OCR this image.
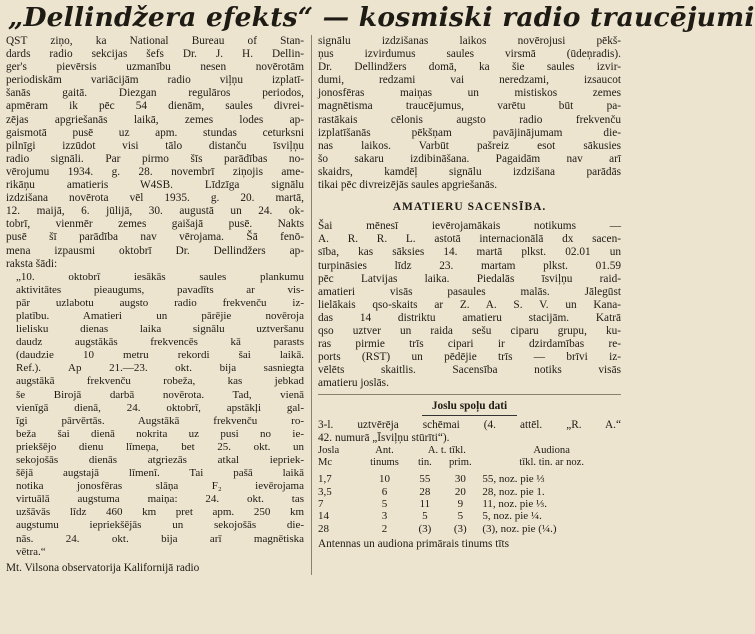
„Dellindžera efekts“ — kosmiski radio traucējumi
QST ziņo, ka National Bureau of Stan-
dards radio sekcijas šefs Dr. J. H. Dellin-
ger's pievērsis uzmanību nesen novērotām
periodiskām variācijām radio viļņu izplatī-
šanās gaitā. Diezgan regulāros periodos,
apmēram ik pēc 54 dienām, saules divrei-
zējas apgriešanās laikā, zemes lodes ap-
gaismotā pusē uz apm. stundas ceturksni
pilnīgi izzūdot visi tālo distanču īsviļņu
radio signāli. Par pirmo šīs parādības no-
vērojumu 1934. g. 28. novembrī ziņojis ame-
rikāņu amatieris W4SB. Līdzīga signālu
izdzišana novērota vēl 1935. g. 20. martā,
12. maijā, 6. jūlijā, 30. augustā un 24. ok-
tobrī, vienmēr zemes gaišajā pusē. Nakts
pusē šī parādība nav vērojama. Šā fenō-
mena izpausmi oktobrī Dr. Dellindžers ap-
raksta šādi:
„10. oktobrī iesākās saules plankumu
aktivitātes pieaugums, pavadīts ar vis-
pār uzlabotu augsto radio frekvenču iz-
platību. Amatieri un pārējie novēroja
lielisku dienas laika signālu uztveršanu
daudz augstākās frekvencēs kā parasts
(daudzie 10 metru rekordi šai laikā.
Ref.). Ap 21.—23. okt. bija sasniegta
augstākā frekvenču robeža, kas jebkad
še Birojā darbā novērota. Tad, vienā
vienīgā dienā, 24. oktobrī, apstākļi gal-
īgi pārvērtās. Augstākā frekvenču ro-
beža šai dienā nokrita uz pusi no ie-
priekšējo dienu līmeņa, bet 25. okt. un
sekojošās dienās atgriezās atkal iepriek-
šējā augstajā līmenī. Tai pašā laikā
notika jonosfēras slāņa F₂ ievērojama
virtuālā augstuma maiņa: 24. okt. tas
uzšāvās līdz 460 km pret apm. 250 km
augstumu iepriekšējās un sekojošās die-
nās. 24. okt. bija arī magnētiska
vētra.“
Mt. Vilsona observatorija Kalifornijā radio
signālu izdzišanas laikos novērojusi pēkš-
ņus izvirdumus saules virsmā (ūdeņradis).
Dr. Dellindžers domā, ka šie saules izvir-
dumi, redzami vai neredzami, izsaucot
jonosfēras maiņas un mistiskos zemes
magnētisma traucējumus, varētu būt pa-
rastākais cēlonis augsto radio frekvenču
izplatīšanās pēkšņam pavājinājumam die-
nas laikos. Varbūt pašreiz esot sākusies
šo sakaru izdibināšana. Pagaidām nav arī
skaidrs, kamdēļ signālu izdzišana parādās
tikai pēc divreizējās saules apgriešanās.
AMATIERU SACENSĪBA.
Šai mēnesī ievērojamākais notikums —
A. R. R. L. astotā internacionālā dx sacen-
sība, kas sāksies 14. martā plkst. 02.01 un
turpināsies līdz 23. martam plkst. 01.59
pēc Latvijas laika. Piedalās īsviļņu raid-
amatieri visās pasaules malās. Jālegūst
lielākais qso-skaits ar Z. A. S. V. un Kana-
das 14 distriktu amatieru stacijām. Katrā
qso uztver un raida sešu ciparu grupu, ku-
ras pirmie trīs cipari ir dzirdamības re-
ports (RST) un pēdējie trīs — brīvi iz-
vēlēts skaitlis. Sacensība notiks visās
amatieru joslās.
Joslu spoļu dati
3-l. uztvērēja schēmai (4. attēl. „R. A.“
42. numurā „Īsviļņu stūrīti“).
Josla	Ant.	A. t. tīkl.		Audiona
Mc	tinums	tin.	prim.	tīkl. tin. ar noz.

1,7	10	55	30	55, noz. pie ⅓
3,5	6	28	20	28, noz. pie 1.
7	5	11	9	11, noz. pie ⅓.
14	3	5	5	5, noz. pie ¼.
28	2	(3)	(3)	(3), noz. pie (¼.)
Antennas un audiona primārais tinums tīts
